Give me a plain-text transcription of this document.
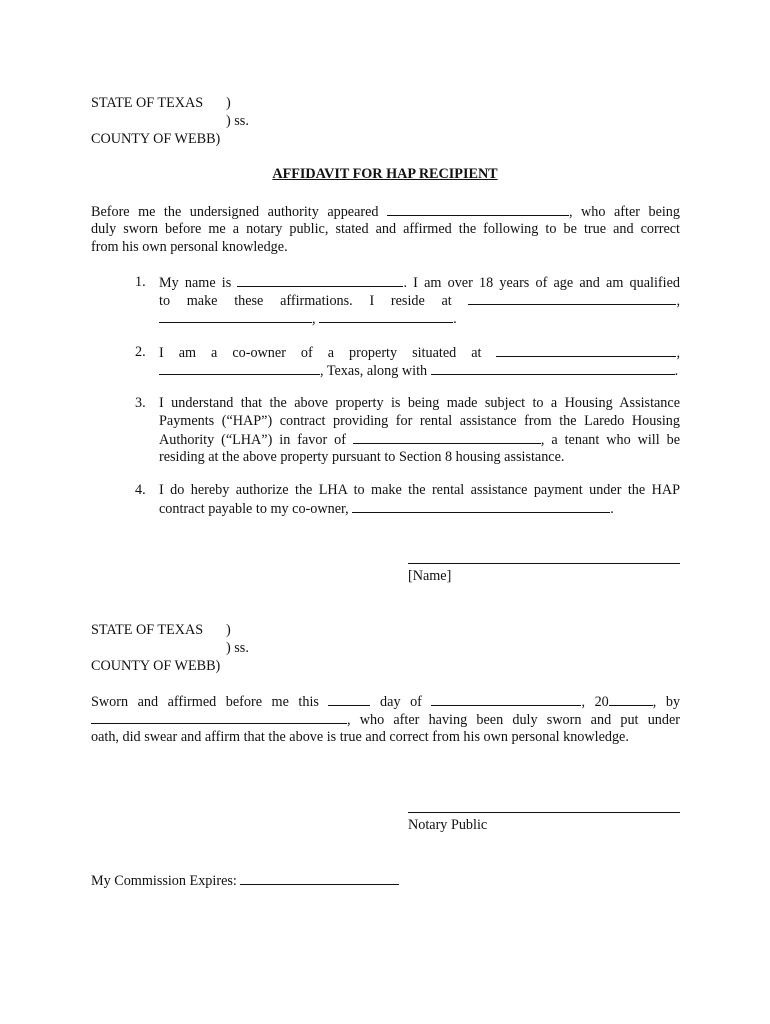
STATE OF TEXAS )
) ss.
COUNTY OF WEBB)
AFFIDAVIT FOR HAP RECIPIENT
Before me the undersigned authority appeared	, who after being
duly sworn before me a notary public, stated and affirmed the following to be true and correct
from his own personal knowledge.
1. My name is	. I am over 18 years of age and am qualified
to make these affirmations. I reside at	,
,	.
2. I am a co-owner of a property situated at	,
, Texas, along with	.
3. I understand that the above property is being made subject to a Housing Assistance
Payments (“HAP”) contract providing for rental assistance from the Laredo Housing
Authority (“LHA”) in favor of	, a tenant who will be
residing at the above property pursuant to Section 8 housing assistance.
4. I do hereby authorize the LHA to make the rental assistance payment under the HAP
contract payable to my co-owner,	.
[Name]
STATE OF TEXAS )
) ss.
COUNTY OF WEBB)
Sworn and affirmed before me this	day of	, 20	, by
, who after having been duly sworn and put under
oath, did swear and affirm that the above is true and correct from his own personal knowledge.
Notary Public
My Commission Expires:
